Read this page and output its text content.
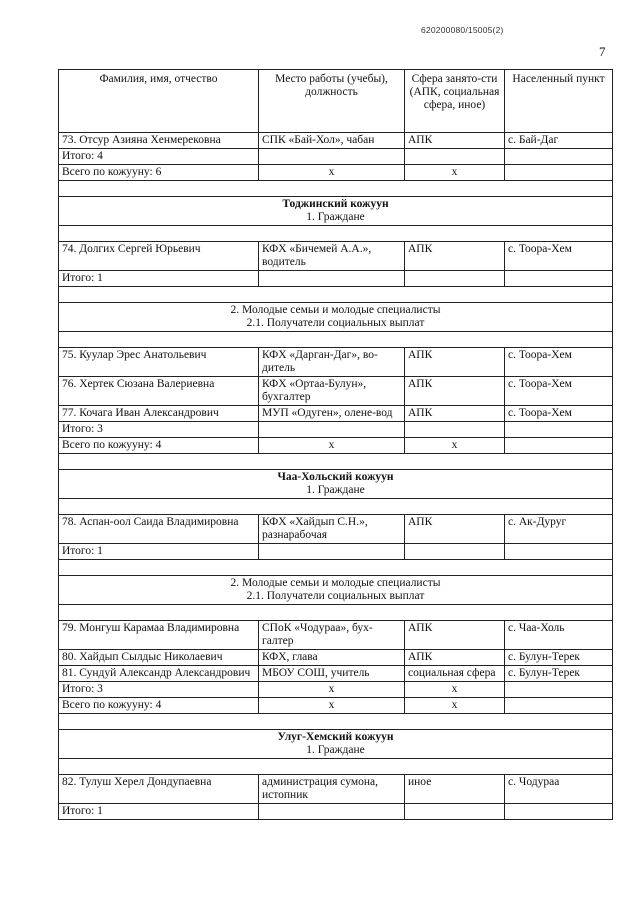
620200080/15005(2)
7
Фамилия, имя, отчество	Место работы (учебы), должность	Сфера занято-сти (АПК, социальная сфера, иное)	Населенный пункт
73. Отсур Азияна Хенмерековна	СПК «Бай-Хол», чабан	АПК	с. Бай-Даг
Итого: 4			
Всего по кожууну: 6	х	х	

Тоджинский кожуун
1. Граждане			

74. Долгих Сергей Юрьевич	КФХ «Бичемей А.А.», водитель	АПК	с. Тоора-Хем
Итого: 1			

2. Молодые семьи и молодые специалисты
2.1. Получатели социальных выплат			

75. Куулар Эрес Анатольевич	КФХ «Дарган-Даг», во-дитель	АПК	с. Тоора-Хем
76. Хертек Сюзана Валериевна	КФХ «Ортаа-Булун», бухгалтер	АПК	с. Тоора-Хем
77. Кочага Иван Александрович	МУП «Одуген», олене-вод	АПК	с. Тоора-Хем
Итого: 3			
Всего по кожууну: 4	х	х	

Чаа-Хольский кожуун
1. Граждане			

78. Аспан-оол Саида Владимировна	КФХ «Хайдып С.Н.», разнарабочая	АПК	с. Ак-Дуруг
Итого: 1			

2. Молодые семьи и молодые специалисты
2.1. Получатели социальных выплат			

79. Монгуш Карамаа Владимировна	СПоК «Чодураа», бух-галтер	АПК	с. Чаа-Холь
80. Хайдып Сылдыс Николаевич	КФХ, глава	АПК	с. Булун-Терек
81. Сундуй Александр Александрович	МБОУ СОШ, учитель	социальная сфера	с. Булун-Терек
Итого: 3	х	х	
Всего по кожууну: 4	х	х	

Улуг-Хемский кожуун
1. Граждане			

82. Тулуш Херел Дондупаевна	администрация сумона, истопник	иное	с. Чодураа
Итого: 1			
